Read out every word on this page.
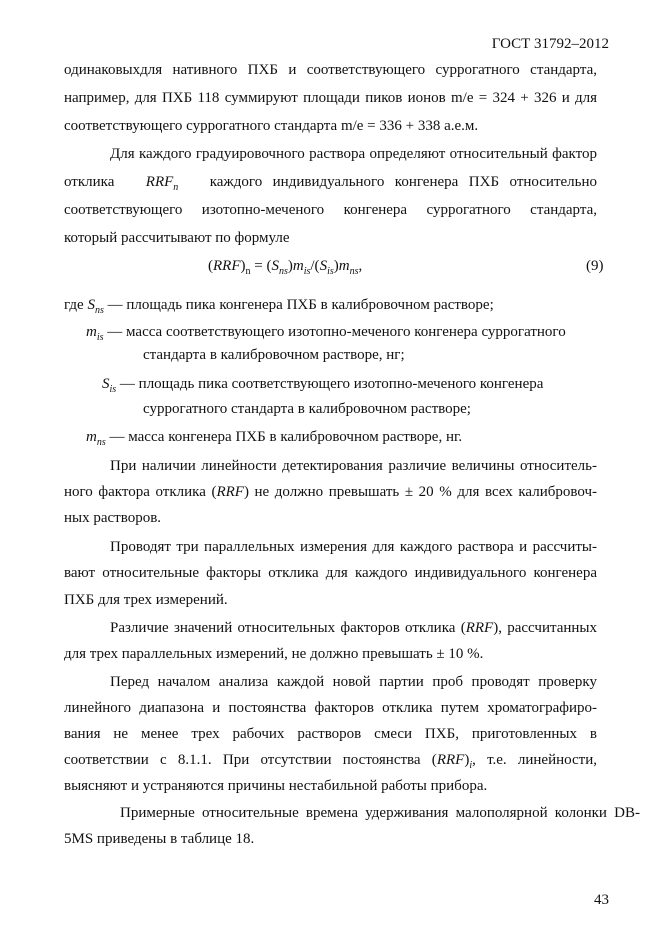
ГОСТ 31792–2012
одинаковыхдля нативного ПХБ и соответствующего суррогатного стандарта,
например, для ПХБ 118 суммируют площади пиков ионов m/e = 324 + 326 и для
соответствующего суррогатного стандарта m/e = 336 + 338 а.е.м.
Для каждого градуировочного раствора определяют относительный фактор
отклика $RRF_n$ каждого индивидуального конгенера ПХБ относительно
соответствующего изотопно-меченого конгенера суррогатного стандарта,
который рассчитывают по формуле
$(RRF)_n = (S_{ns})m_{is}/(S_{is})m_{ns}$,	(9)
где $S_{ns}$ — площадь пика конгенера ПХБ в калибровочном растворе;
$m_{is}$ — масса соответствующего изотопно-меченого конгенера суррогатного
стандарта в калибровочном растворе, нг;
$S_{is}$ — площадь пика соответствующего изотопно-меченого конгенера
суррогатного стандарта в калибровочном растворе;
$m_{ns}$ — масса конгенера ПХБ в калибровочном растворе, нг.
При наличии линейности детектирования различие величины относитель-
ного фактора отклика (RRF) не должно превышать ± 20 % для всех калибровоч-
ных растворов.
Проводят три параллельных измерения для каждого раствора и рассчиты-
вают относительные факторы отклика для каждого индивидуального конгенера
ПХБ для трех измерений.
Различие значений относительных факторов отклика (RRF), рассчитанных
для трех параллельных измерений, не должно превышать ± 10 %.
Перед началом анализа каждой новой партии проб проводят проверку
линейного диапазона и постоянства факторов отклика путем хроматографиро-
вания не менее трех рабочих растворов смеси ПХБ, приготовленных в
соответствии с 8.1.1. При отсутствии постоянства $(RRF)_i$, т.е. линейности,
выясняют и устраняются причины нестабильной работы прибора.
Примерные относительные времена удерживания малополярной колонки DB-
5MS приведены в таблице 18.
43
